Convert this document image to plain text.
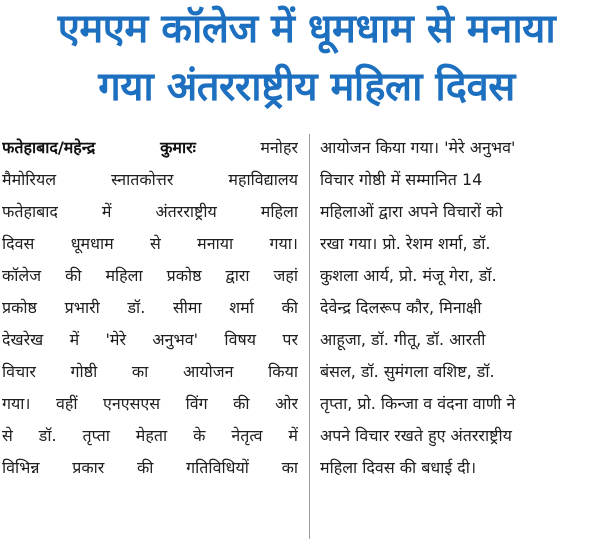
एमएम कॉलेज में धूमधाम से मनाया
गया अंतरराष्ट्रीय महिला दिवस
फतेहाबाद/महेन्द्र कुमारः	मनोहर
मैमोरियल स्नातकोत्तर महाविद्यालय
फतेहाबाद में अंतरराष्ट्रीय महिला
दिवस धूमधाम से मनाया गया।
कॉलेज की महिला प्रकोष्ठ द्वारा जहां
प्रकोष्ठ प्रभारी डॉ. सीमा शर्मा की
देखरेख में 'मेरे अनुभव' विषय पर
विचार गोष्ठी का आयोजन किया
गया। वहीं एनएसएस विंग की ओर
से डॉ. तृप्ता मेहता के नेतृत्व में
विभिन्न प्रकार की गतिविधियों का
आयोजन किया गया। 'मेरे अनुभव'
विचार गोष्ठी में सम्मानित 14
महिलाओं द्वारा अपने विचारों को
रखा गया। प्रो. रेशम शर्मा, डॉ.
कुशला आर्य, प्रो. मंजू गेरा, डॉ.
देवेन्द्र दिलरूप कौर, मिनाक्षी
आहूजा, डॉ. गीतू, डॉ. आरती
बंसल, डॉ. सुमंगला वशिष्ट, डॉ.
तृप्ता, प्रो. किन्जा व वंदना वाणी ने
अपने विचार रखते हुए अंतरराष्ट्रीय
महिला दिवस की बधाई दी।
